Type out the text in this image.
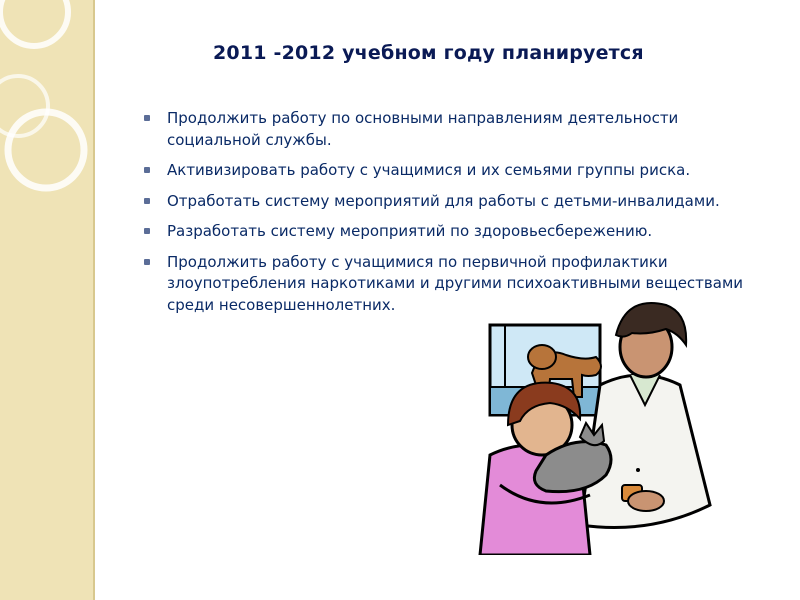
2011 -2012 учебном году планируется
Продолжить работу по основными направлениям деятельности социальной службы.
Активизировать работу с учащимися и их семьями группы риска.
Отработать систему мероприятий для работы с детьми-инвалидами.
Разработать систему мероприятий по здоровьесбережению.
Продолжить работу с учащимися по первичной профилактики злоупотребления наркотиками и другими психоактивными веществами среди несовершеннолетних.
